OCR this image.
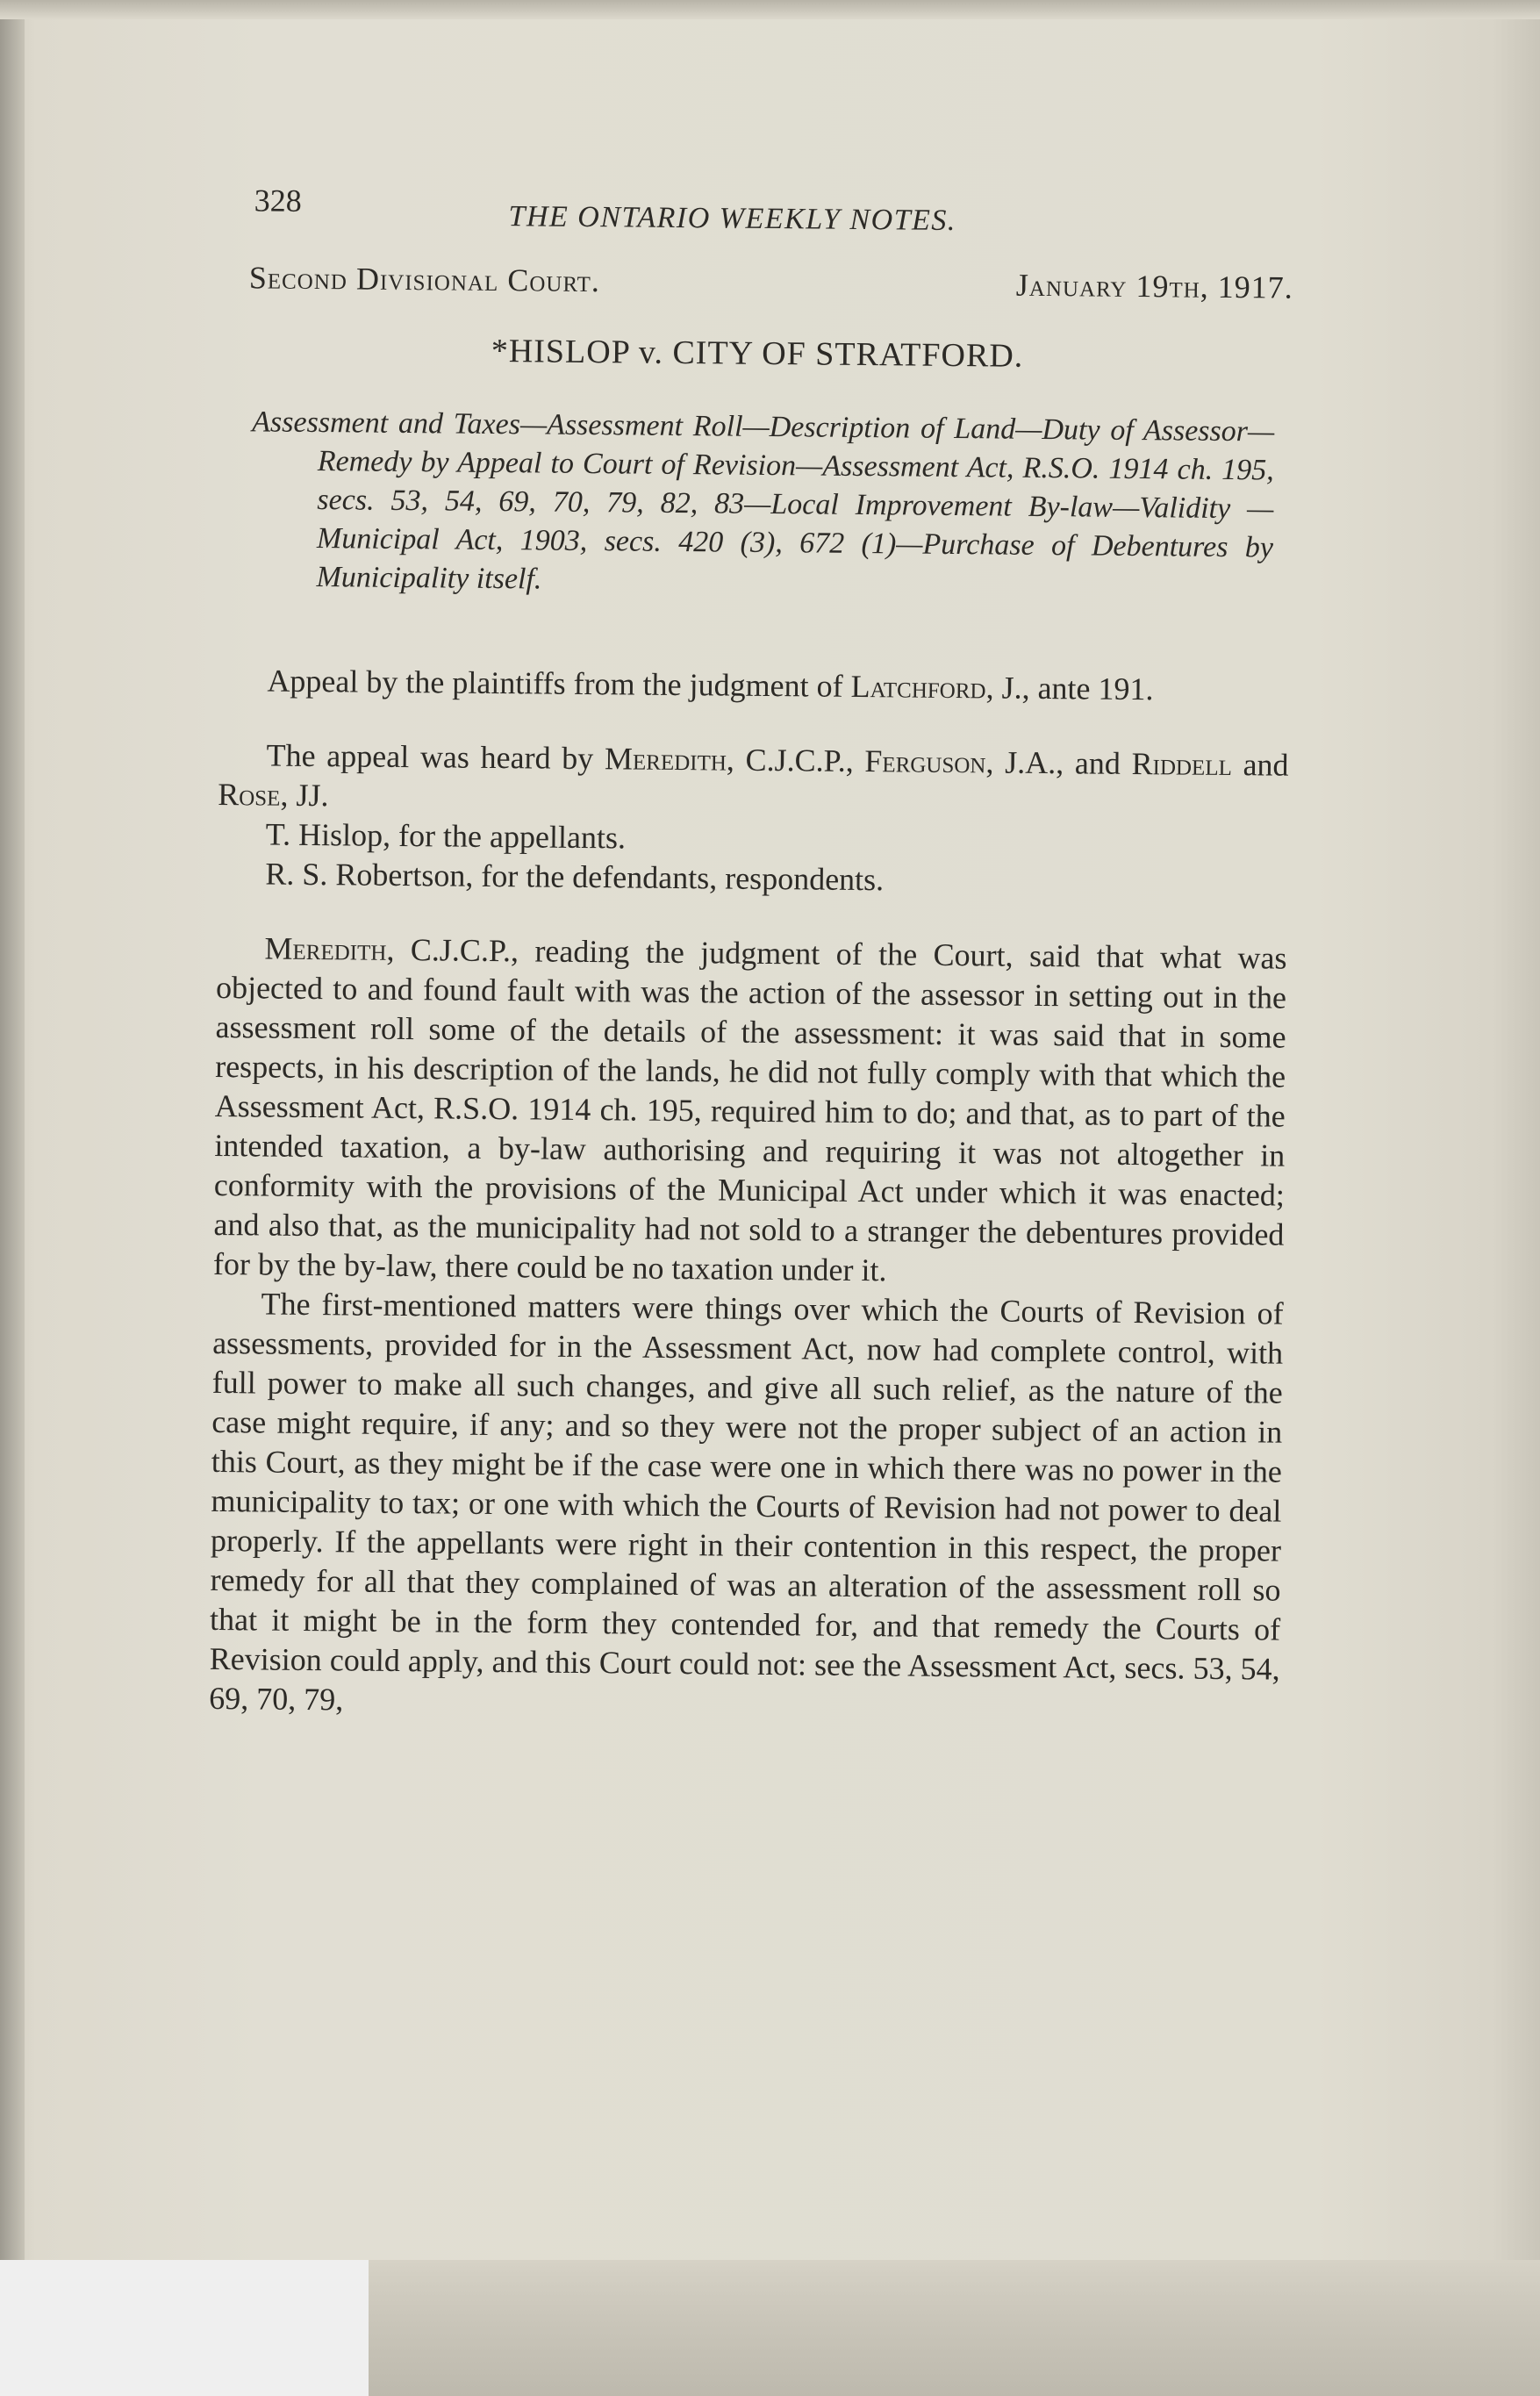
328	THE ONTARIO WEEKLY NOTES.
Second Divisional Court.	January 19th, 1917.
*HISLOP v. CITY OF STRATFORD.

Assessment and Taxes—Assessment Roll—Description of Land—Duty of Assessor—Remedy by Appeal to Court of Revision—Assessment Act, R.S.O. 1914 ch. 195, secs. 53, 54, 69, 70, 79, 82, 83—Local Improvement By-law—Validity — Municipal Act, 1903, secs. 420 (3), 672 (1)—Purchase of Debentures by Municipality itself.

Appeal by the plaintiffs from the judgment of Latchford, J., ante 191.

The appeal was heard by Meredith, C.J.C.P., Ferguson, J.A., and Riddell and Rose, JJ.

T. Hislop, for the appellants.

R. S. Robertson, for the defendants, respondents.

Meredith, C.J.C.P., reading the judgment of the Court, said that what was objected to and found fault with was the action of the assessor in setting out in the assessment roll some of the details of the assessment: it was said that in some respects, in his description of the lands, he did not fully comply with that which the Assessment Act, R.S.O. 1914 ch. 195, required him to do; and that, as to part of the intended taxation, a by-law authorising and requiring it was not altogether in conformity with the provisions of the Municipal Act under which it was enacted; and also that, as the municipality had not sold to a stranger the debentures provided for by the by-law, there could be no taxation under it.

The first-mentioned matters were things over which the Courts of Revision of assessments, provided for in the Assessment Act, now had complete control, with full power to make all such changes, and give all such relief, as the nature of the case might require, if any; and so they were not the proper subject of an action in this Court, as they might be if the case were one in which there was no power in the municipality to tax; or one with which the Courts of Revision had not power to deal properly. If the appellants were right in their contention in this respect, the proper remedy for all that they complained of was an alteration of the assessment roll so that it might be in the form they contended for, and that remedy the Courts of Revision could apply, and this Court could not: see the Assessment Act, secs. 53, 54, 69, 70, 79,
